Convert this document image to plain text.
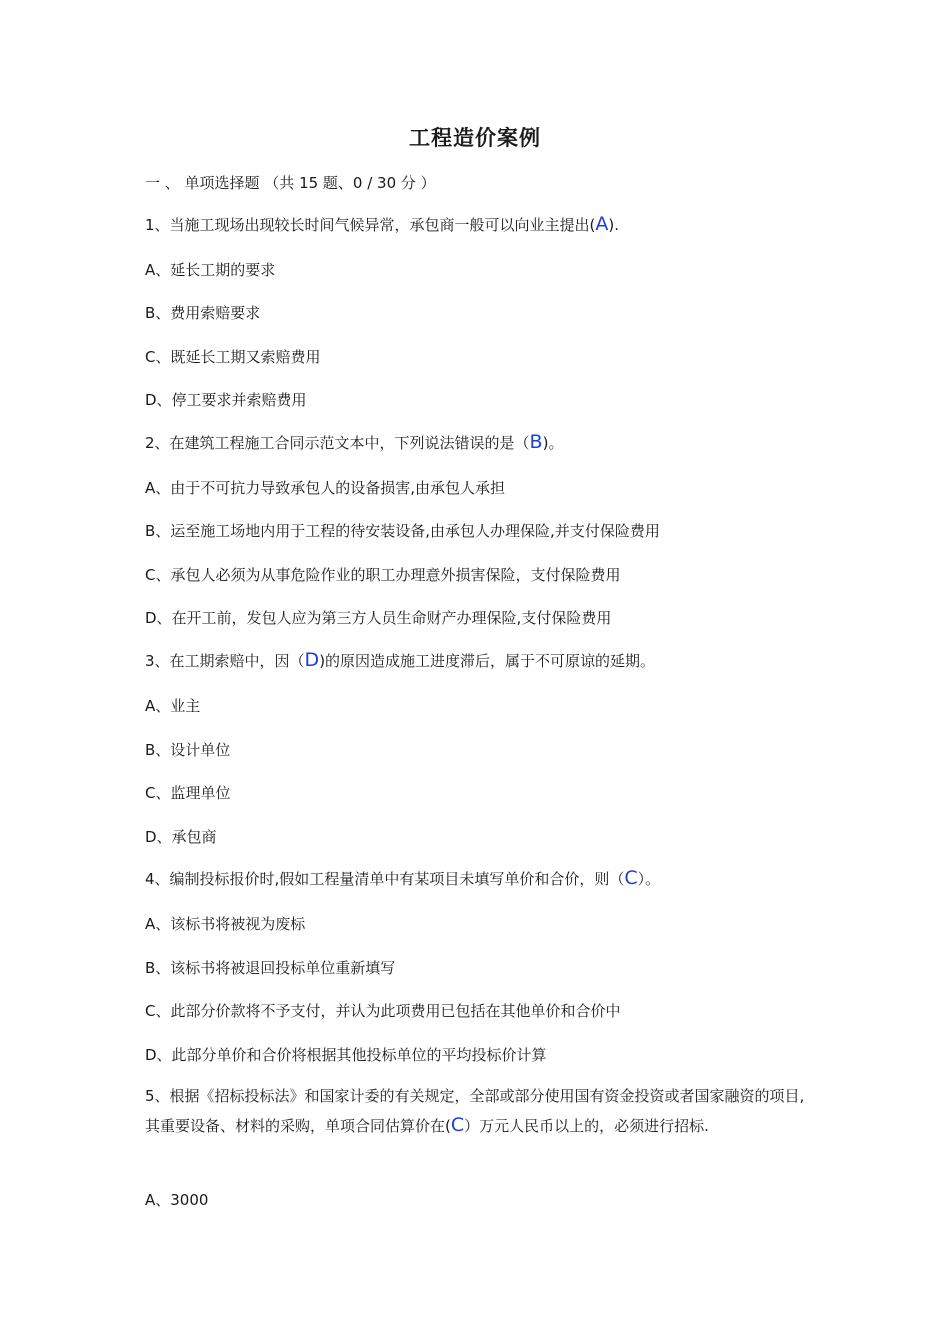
工程造价案例
一 、 单项选择题 （共 15 题、0 / 30 分 ）
1、当施工现场出现较长时间气候异常，承包商一般可以向业主提出(A).
A、延长工期的要求
B、费用索赔要求
C、既延长工期又索赔费用
D、停工要求并索赔费用
2、在建筑工程施工合同示范文本中，下列说法错误的是（B)。
A、由于不可抗力导致承包人的设备损害,由承包人承担
B、运至施工场地内用于工程的待安装设备,由承包人办理保险,并支付保险费用
C、承包人必须为从事危险作业的职工办理意外损害保险，支付保险费用
D、在开工前，发包人应为第三方人员生命财产办理保险,支付保险费用
3、在工期索赔中，因（D)的原因造成施工进度滞后，属于不可原谅的延期。
A、业主
B、设计单位
C、监理单位
D、承包商
4、编制投标报价时,假如工程量清单中有某项目未填写单价和合价，则（C）。
A、该标书将被视为废标
B、该标书将被退回投标单位重新填写
C、此部分价款将不予支付，并认为此项费用已包括在其他单价和合价中
D、此部分单价和合价将根据其他投标单位的平均投标价计算
5、根据《招标投标法》和国家计委的有关规定，全部或部分使用国有资金投资或者国家融资的项目,其重要设备、材料的采购，单项合同估算价在(C）万元人民币以上的，必须进行招标.
A、3000
